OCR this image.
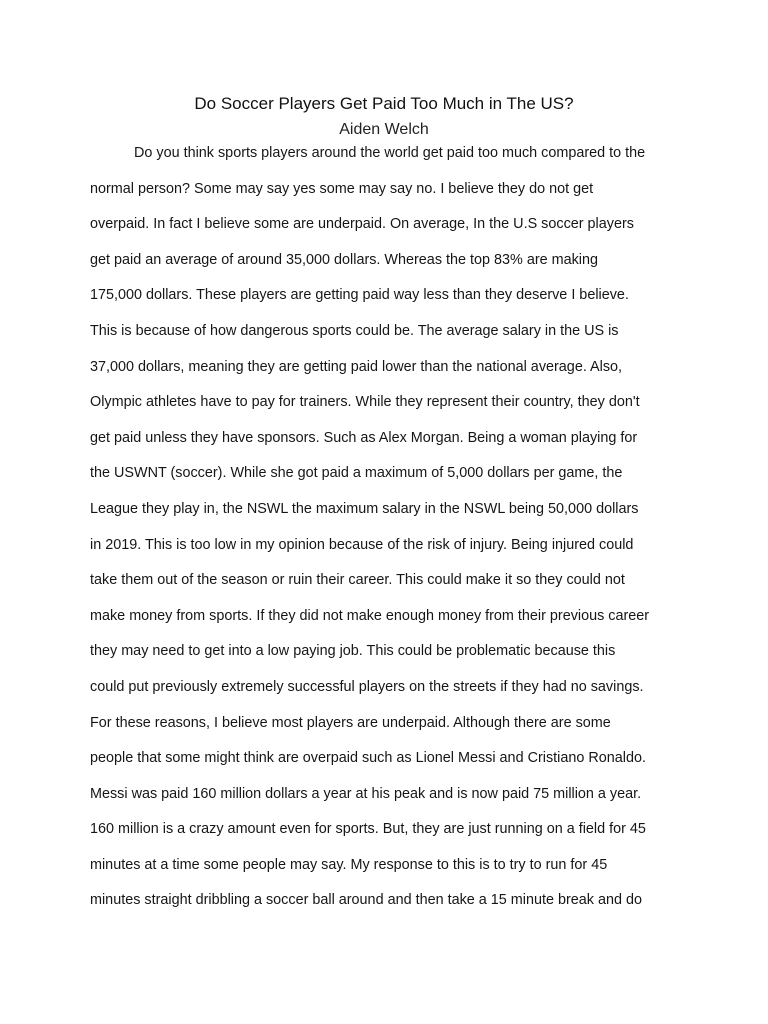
Do Soccer Players Get Paid Too Much in The US?
Aiden Welch
Do you think sports players around the world get paid too much compared to the
normal person? Some may say yes some may say no. I believe they do not get
overpaid. In fact I believe some are underpaid. On average, In the U.S soccer players
get paid an average of around 35,000 dollars. Whereas the top 83% are making
175,000 dollars. These players are getting paid way less than they deserve I believe.
This is because of how dangerous sports could be. The average salary in the US is
37,000 dollars, meaning they are getting paid lower than the national average. Also,
Olympic athletes have to pay for trainers. While they represent their country, they don't
get paid unless they have sponsors. Such as Alex Morgan. Being a woman playing for
the USWNT (soccer). While she got paid a maximum of 5,000 dollars per game, the
League they play in, the NSWL the maximum salary in the NSWL being 50,000 dollars
in 2019. This is too low in my opinion because of the risk of injury. Being injured could
take them out of the season or ruin their career. This could make it so they could not
make money from sports. If they did not make enough money from their previous career
they may need to get into a low paying job. This could be problematic because this
could put previously extremely successful players on the streets if they had no savings.
For these reasons, I believe most players are underpaid. Although there are some
people that some might think are overpaid such as Lionel Messi and Cristiano Ronaldo.
Messi was paid 160 million dollars a year at his peak and is now paid 75 million a year.
160 million is a crazy amount even for sports. But, they are just running on a field for 45
minutes at a time some people may say. My response to this is to try to run for 45
minutes straight dribbling a soccer ball around and then take a 15 minute break and do
